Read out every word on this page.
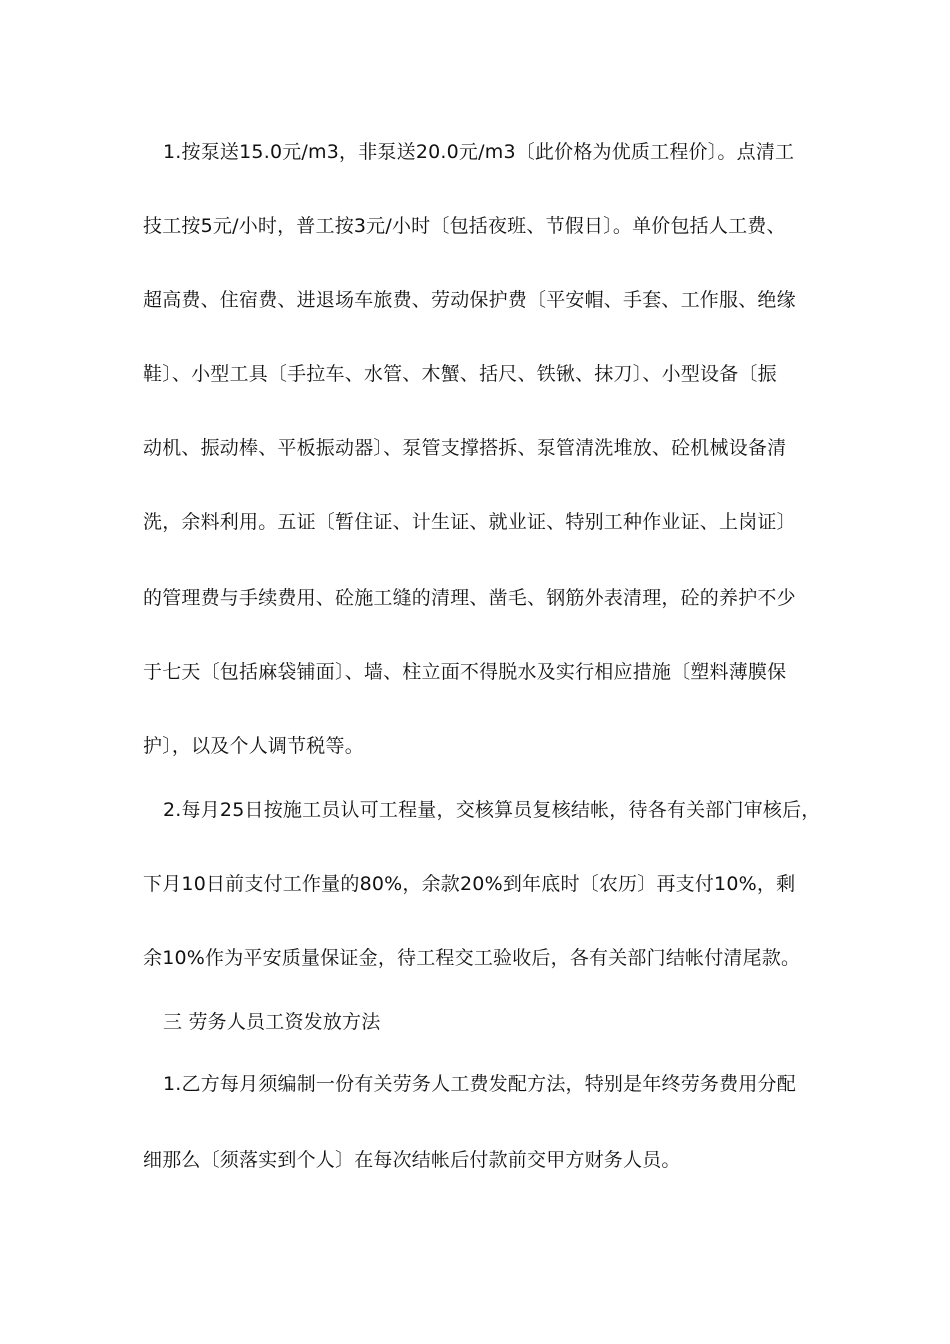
1.按泵送15.0元/m3，非泵送20.0元/m3〔此价格为优质工程价〕。点清工
技工按5元/小时，普工按3元/小时〔包括夜班、节假日〕。单价包括人工费、
超高费、住宿费、进退场车旅费、劳动保护费〔平安帽、手套、工作服、绝缘
鞋〕、小型工具〔手拉车、水管、木蟹、括尺、铁锹、抹刀〕、小型设备〔振
动机、振动棒、平板振动器〕、泵管支撑搭拆、泵管清洗堆放、砼机械设备清
洗，余料利用。五证〔暂住证、计生证、就业证、特别工种作业证、上岗证〕
的管理费与手续费用、砼施工缝的清理、凿毛、钢筋外表清理，砼的养护不少
于七天〔包括麻袋铺面〕、墙、柱立面不得脱水及实行相应措施〔塑料薄膜保
护〕，以及个人调节税等。
2.每月25日按施工员认可工程量，交核算员复核结帐，待各有关部门审核后，
下月10日前支付工作量的80%，余款20%到年底时〔农历〕再支付10%，剩
余10%作为平安质量保证金，待工程交工验收后，各有关部门结帐付清尾款。
三 劳务人员工资发放方法
1.乙方每月须编制一份有关劳务人工费发配方法，特别是年终劳务费用分配
细那么〔须落实到个人〕在每次结帐后付款前交甲方财务人员。
